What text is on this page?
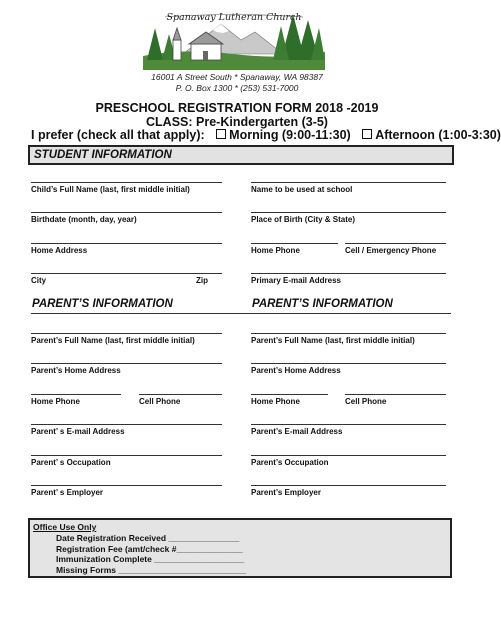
Spanaway Lutheran Church
16001 A Street South * Spanaway, WA 98387
P. O. Box 1300 * (253) 531-7000
PRESCHOOL REGISTRATION FORM 2018 -2019
CLASS: Pre-Kindergarten (3-5)
I prefer (check all that apply): Morning (9:00-11:30) Afternoon (1:00-3:30)
STUDENT INFORMATION
Child’s Full Name (last, first middle initial)	Name to be used at school
Birthdate (month, day, year)	Place of Birth (City & State)
Home Address	Home Phone	Cell / Emergency Phone
City	Zip	Primary E-mail Address
PARENT’S INFORMATION	PARENT’S INFORMATION
Parent’s Full Name (last, first middle initial)
Parent’s Home Address
Home Phone	Cell Phone
Parent’ s E-mail Address
Parent’ s Occupation
Parent’ s Employer
Parent’s Full Name (last, first middle initial)
Parent’s Home Address
Home Phone	Cell Phone
Parent’s E-mail Address
Parent’s Occupation
Parent’s Employer
Office Use Only
Date Registration Received _______________
Registration Fee (amt/check #______________
Immunization Complete ___________________
Missing Forms ___________________________
